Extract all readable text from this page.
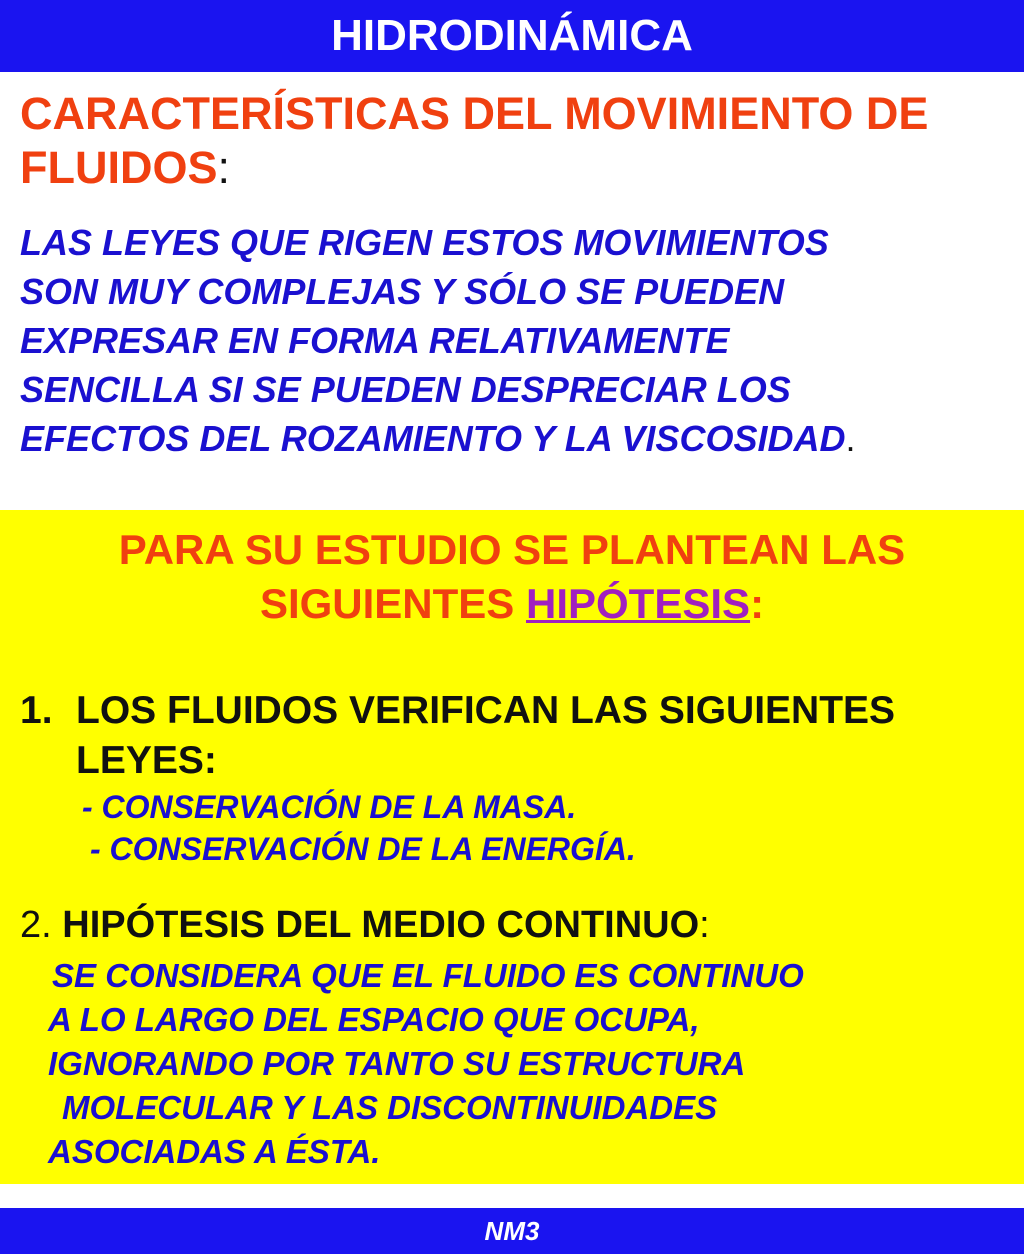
HIDRODINÁMICA
CARACTERÍSTICAS DEL MOVIMIENTO DE FLUIDOS:
LAS LEYES QUE RIGEN ESTOS MOVIMIENTOS
SON MUY COMPLEJAS Y SÓLO SE PUEDEN
EXPRESAR EN FORMA RELATIVAMENTE
SENCILLA SI SE PUEDEN DESPRECIAR LOS
EFECTOS DEL ROZAMIENTO Y LA VISCOSIDAD.
PARA SU ESTUDIO SE PLANTEAN LAS
SIGUIENTES HIPÓTESIS:
1. LOS FLUIDOS VERIFICAN LAS SIGUIENTES
LEYES:
- CONSERVACIÓN DE LA MASA.
- CONSERVACIÓN DE LA ENERGÍA.
2. HIPÓTESIS DEL MEDIO CONTINUO:
SE CONSIDERA QUE EL FLUIDO ES CONTINUO
A LO LARGO DEL ESPACIO QUE OCUPA,
IGNORANDO POR TANTO SU ESTRUCTURA
MOLECULAR Y LAS DISCONTINUIDADES
ASOCIADAS A ÉSTA.
NM3
